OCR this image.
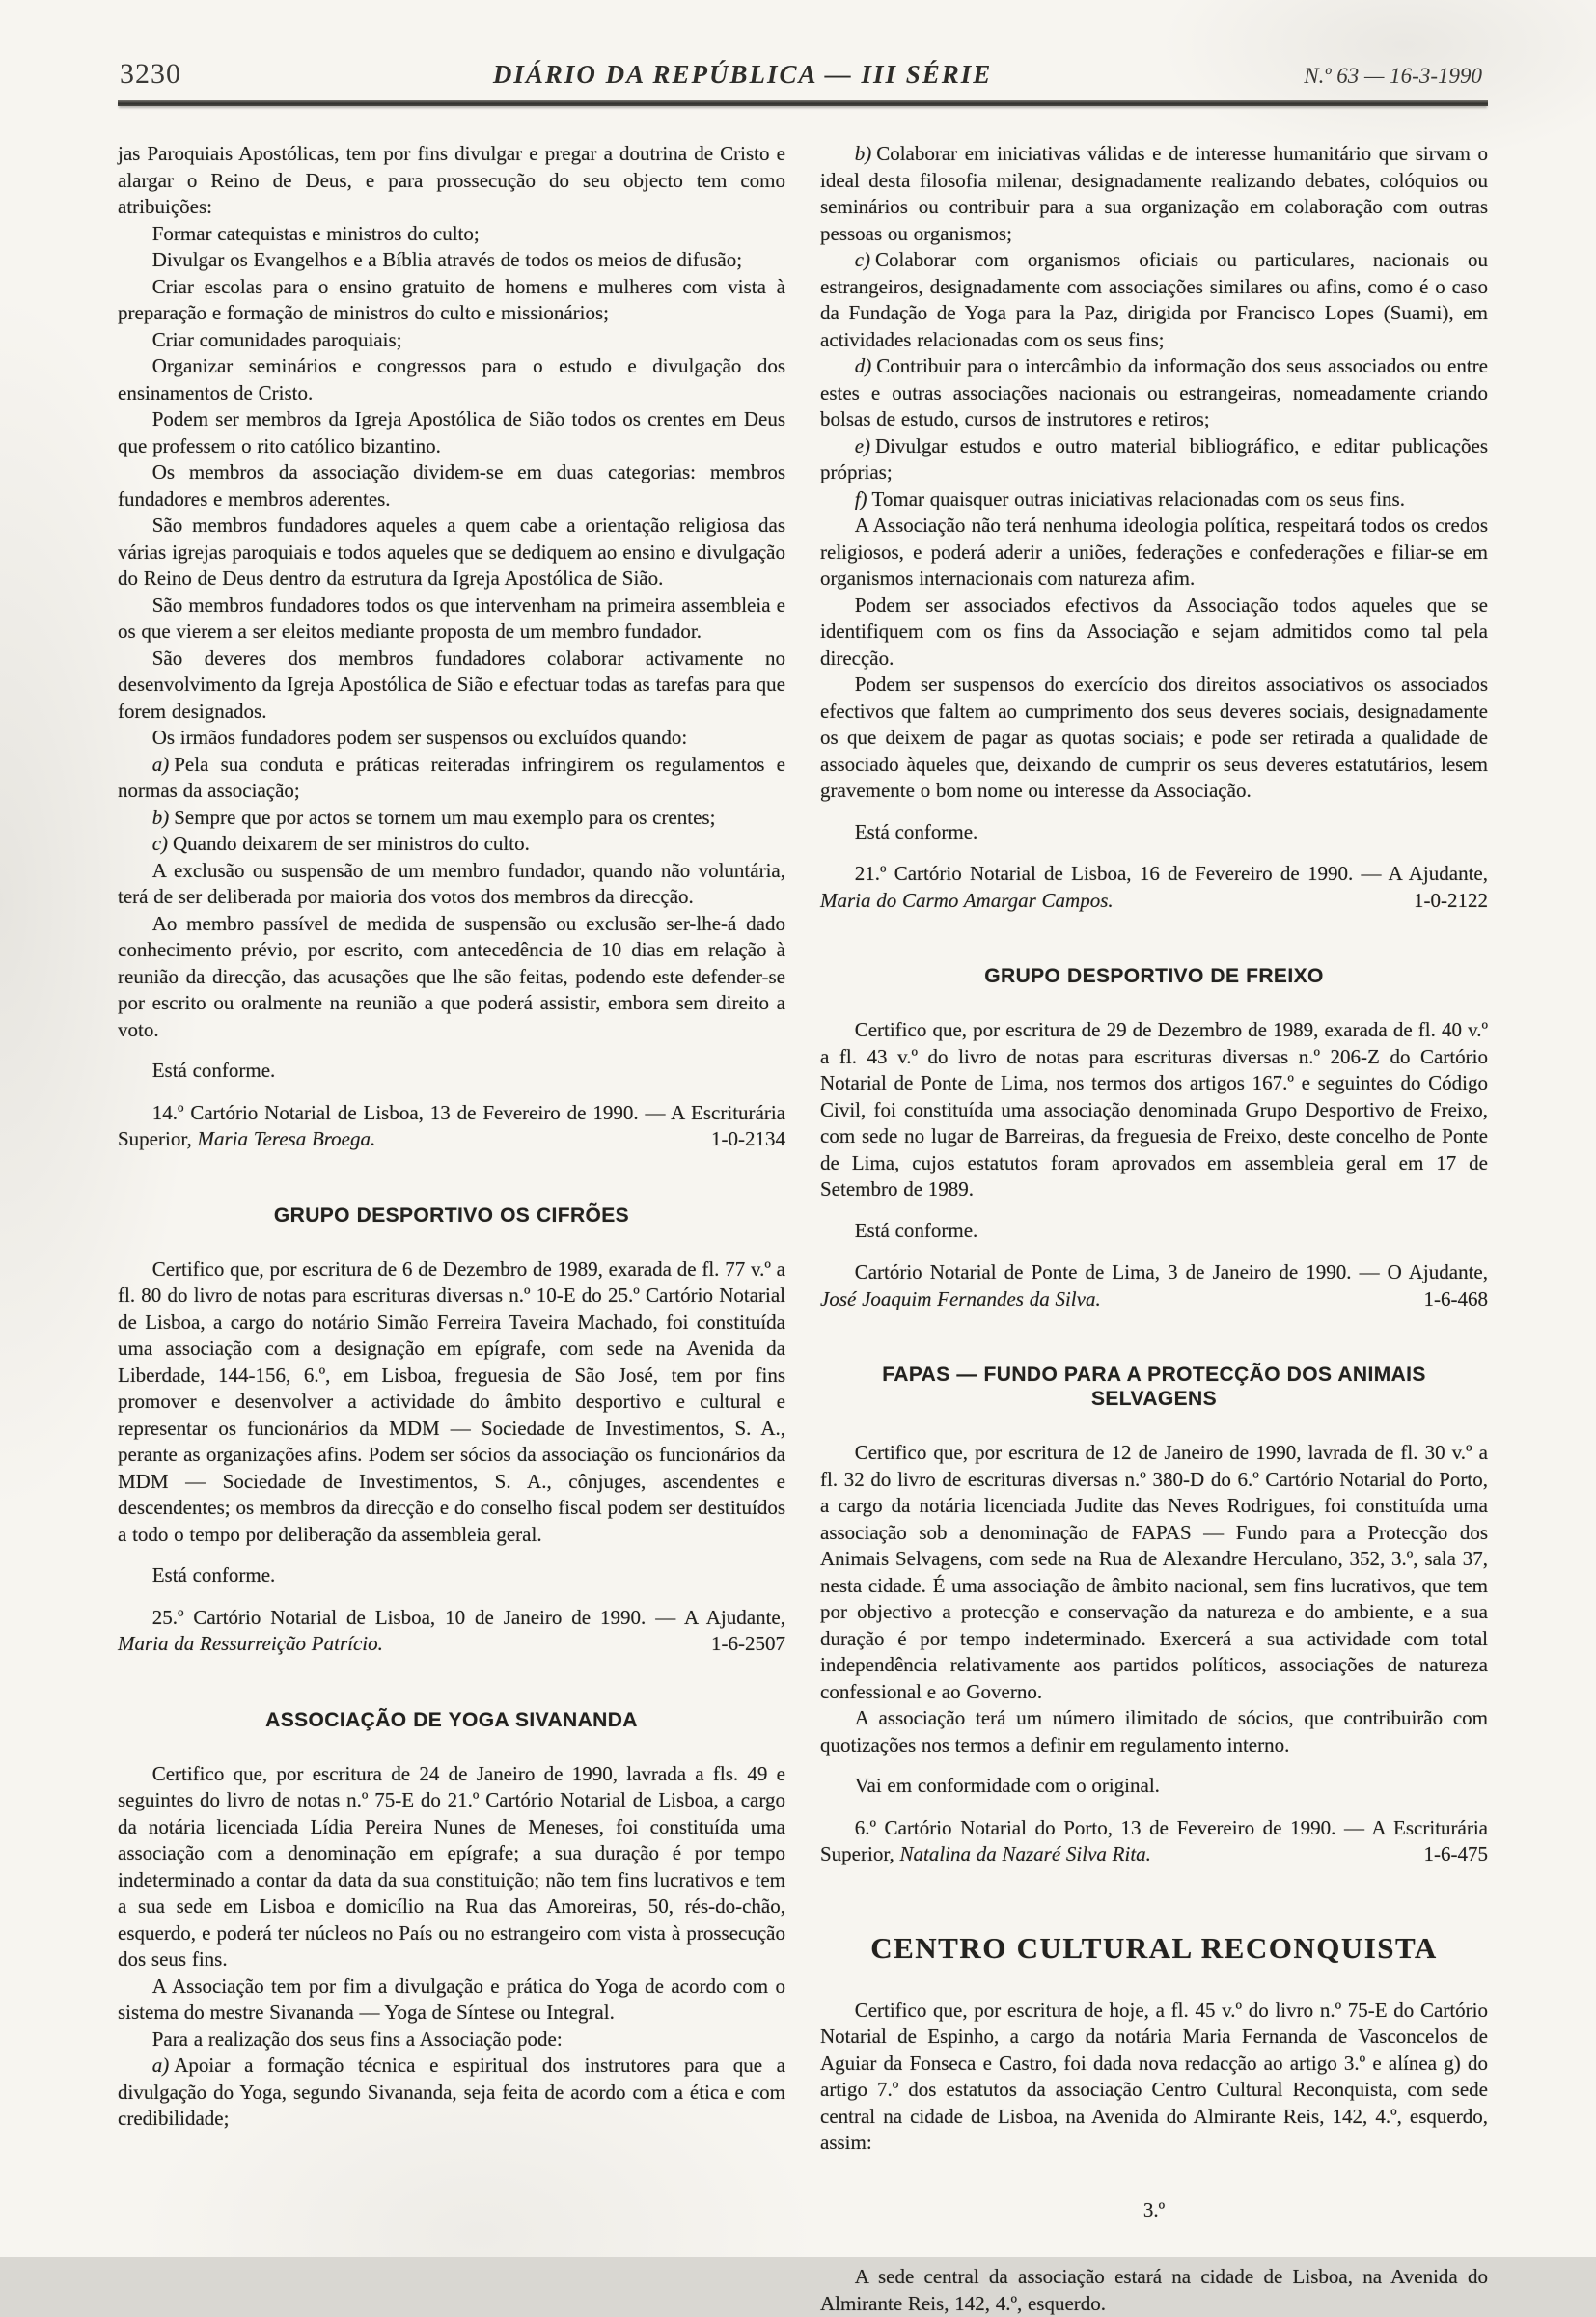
3230	DIÁRIO DA REPÚBLICA — III SÉRIE	N.º 63 — 16-3-1990

jas Paroquiais Apostólicas, tem por fins divulgar e pregar a doutrina de Cristo e alargar o Reino de Deus, e para prossecução do seu objecto tem como atribuições:

Formar catequistas e ministros do culto;

Divulgar os Evangelhos e a Bíblia através de todos os meios de difusão;

Criar escolas para o ensino gratuito de homens e mulheres com vista à preparação e formação de ministros do culto e missionários;

Criar comunidades paroquiais;

Organizar seminários e congressos para o estudo e divulgação dos ensinamentos de Cristo.

Podem ser membros da Igreja Apostólica de Sião todos os crentes em Deus que professem o rito católico bizantino.

Os membros da associação dividem-se em duas categorias: membros fundadores e membros aderentes.

São membros fundadores aqueles a quem cabe a orientação religiosa das várias igrejas paroquiais e todos aqueles que se dediquem ao ensino e divulgação do Reino de Deus dentro da estrutura da Igreja Apostólica de Sião.

São membros fundadores todos os que intervenham na primeira assembleia e os que vierem a ser eleitos mediante proposta de um membro fundador.

São deveres dos membros fundadores colaborar activamente no desenvolvimento da Igreja Apostólica de Sião e efectuar todas as tarefas para que forem designados.

Os irmãos fundadores podem ser suspensos ou excluídos quando:

a) Pela sua conduta e práticas reiteradas infringirem os regulamentos e normas da associação;

b) Sempre que por actos se tornem um mau exemplo para os crentes;

c) Quando deixarem de ser ministros do culto.

A exclusão ou suspensão de um membro fundador, quando não voluntária, terá de ser deliberada por maioria dos votos dos membros da direcção.

Ao membro passível de medida de suspensão ou exclusão ser-lhe-á dado conhecimento prévio, por escrito, com antecedência de 10 dias em relação à reunião da direcção, das acusações que lhe são feitas, podendo este defender-se por escrito ou oralmente na reunião a que poderá assistir, embora sem direito a voto.

Está conforme.

14.º Cartório Notarial de Lisboa, 13 de Fevereiro de 1990. — A Escriturária Superior, Maria Teresa Broega.	1-0-2134

GRUPO DESPORTIVO OS CIFRÕES

Certifico que, por escritura de 6 de Dezembro de 1989, exarada de fl. 77 v.º a fl. 80 do livro de notas para escrituras diversas n.º 10-E do 25.º Cartório Notarial de Lisboa, a cargo do notário Simão Ferreira Taveira Machado, foi constituída uma associação com a designação em epígrafe, com sede na Avenida da Liberdade, 144-156, 6.º, em Lisboa, freguesia de São José, tem por fins promover e desenvolver a actividade do âmbito desportivo e cultural e representar os funcionários da MDM — Sociedade de Investimentos, S. A., perante as organizações afins. Podem ser sócios da associação os funcionários da MDM — Sociedade de Investimentos, S. A., cônjuges, ascendentes e descendentes; os membros da direcção e do conselho fiscal podem ser destituídos a todo o tempo por deliberação da assembleia geral.

Está conforme.

25.º Cartório Notarial de Lisboa, 10 de Janeiro de 1990. — A Ajudante, Maria da Ressurreição Patrício.	1-6-2507

ASSOCIAÇÃO DE YOGA SIVANANDA

Certifico que, por escritura de 24 de Janeiro de 1990, lavrada a fls. 49 e seguintes do livro de notas n.º 75-E do 21.º Cartório Notarial de Lisboa, a cargo da notária licenciada Lídia Pereira Nunes de Meneses, foi constituída uma associação com a denominação em epígrafe; a sua duração é por tempo indeterminado a contar da data da sua constituição; não tem fins lucrativos e tem a sua sede em Lisboa e domicílio na Rua das Amoreiras, 50, rés-do-chão, esquerdo, e poderá ter núcleos no País ou no estrangeiro com vista à prossecução dos seus fins.

A Associação tem por fim a divulgação e prática do Yoga de acordo com o sistema do mestre Sivananda — Yoga de Síntese ou Integral.

Para a realização dos seus fins a Associação pode:

a) Apoiar a formação técnica e espiritual dos instrutores para que a divulgação do Yoga, segundo Sivananda, seja feita de acordo com a ética e com credibilidade;

b) Colaborar em iniciativas válidas e de interesse humanitário que sirvam o ideal desta filosofia milenar, designadamente realizando debates, colóquios ou seminários ou contribuir para a sua organização em colaboração com outras pessoas ou organismos;

c) Colaborar com organismos oficiais ou particulares, nacionais ou estrangeiros, designadamente com associações similares ou afins, como é o caso da Fundação de Yoga para la Paz, dirigida por Francisco Lopes (Suami), em actividades relacionadas com os seus fins;

d) Contribuir para o intercâmbio da informação dos seus associados ou entre estes e outras associações nacionais ou estrangeiras, nomeadamente criando bolsas de estudo, cursos de instrutores e retiros;

e) Divulgar estudos e outro material bibliográfico, e editar publicações próprias;

f) Tomar quaisquer outras iniciativas relacionadas com os seus fins.

A Associação não terá nenhuma ideologia política, respeitará todos os credos religiosos, e poderá aderir a uniões, federações e confederações e filiar-se em organismos internacionais com natureza afim.

Podem ser associados efectivos da Associação todos aqueles que se identifiquem com os fins da Associação e sejam admitidos como tal pela direcção.

Podem ser suspensos do exercício dos direitos associativos os associados efectivos que faltem ao cumprimento dos seus deveres sociais, designadamente os que deixem de pagar as quotas sociais; e pode ser retirada a qualidade de associado àqueles que, deixando de cumprir os seus deveres estatutários, lesem gravemente o bom nome ou interesse da Associação.

Está conforme.

21.º Cartório Notarial de Lisboa, 16 de Fevereiro de 1990. — A Ajudante, Maria do Carmo Amargar Campos.	1-0-2122

GRUPO DESPORTIVO DE FREIXO

Certifico que, por escritura de 29 de Dezembro de 1989, exarada de fl. 40 v.º a fl. 43 v.º do livro de notas para escrituras diversas n.º 206-Z do Cartório Notarial de Ponte de Lima, nos termos dos artigos 167.º e seguintes do Código Civil, foi constituída uma associação denominada Grupo Desportivo de Freixo, com sede no lugar de Barreiras, da freguesia de Freixo, deste concelho de Ponte de Lima, cujos estatutos foram aprovados em assembleia geral em 17 de Setembro de 1989.

Está conforme.

Cartório Notarial de Ponte de Lima, 3 de Janeiro de 1990. — O Ajudante, José Joaquim Fernandes da Silva.	1-6-468

FAPAS — FUNDO PARA A PROTECÇÃO DOS ANIMAIS SELVAGENS

Certifico que, por escritura de 12 de Janeiro de 1990, lavrada de fl. 30 v.º a fl. 32 do livro de escrituras diversas n.º 380-D do 6.º Cartório Notarial do Porto, a cargo da notária licenciada Judite das Neves Rodrigues, foi constituída uma associação sob a denominação de FAPAS — Fundo para a Protecção dos Animais Selvagens, com sede na Rua de Alexandre Herculano, 352, 3.º, sala 37, nesta cidade. É uma associação de âmbito nacional, sem fins lucrativos, que tem por objectivo a protecção e conservação da natureza e do ambiente, e a sua duração é por tempo indeterminado. Exercerá a sua actividade com total independência relativamente aos partidos políticos, associações de natureza confessional e ao Governo.

A associação terá um número ilimitado de sócios, que contribuirão com quotizações nos termos a definir em regulamento interno.

Vai em conformidade com o original.

6.º Cartório Notarial do Porto, 13 de Fevereiro de 1990. — A Escriturária Superior, Natalina da Nazaré Silva Rita.	1-6-475

CENTRO CULTURAL RECONQUISTA

Certifico que, por escritura de hoje, a fl. 45 v.º do livro n.º 75-E do Cartório Notarial de Espinho, a cargo da notária Maria Fernanda de Vasconcelos de Aguiar da Fonseca e Castro, foi dada nova redacção ao artigo 3.º e alínea g) do artigo 7.º dos estatutos da associação Centro Cultural Reconquista, com sede central na cidade de Lisboa, na Avenida do Almirante Reis, 142, 4.º, esquerdo, assim:

3.º

A sede central da associação estará na cidade de Lisboa, na Avenida do Almirante Reis, 142, 4.º, esquerdo.
